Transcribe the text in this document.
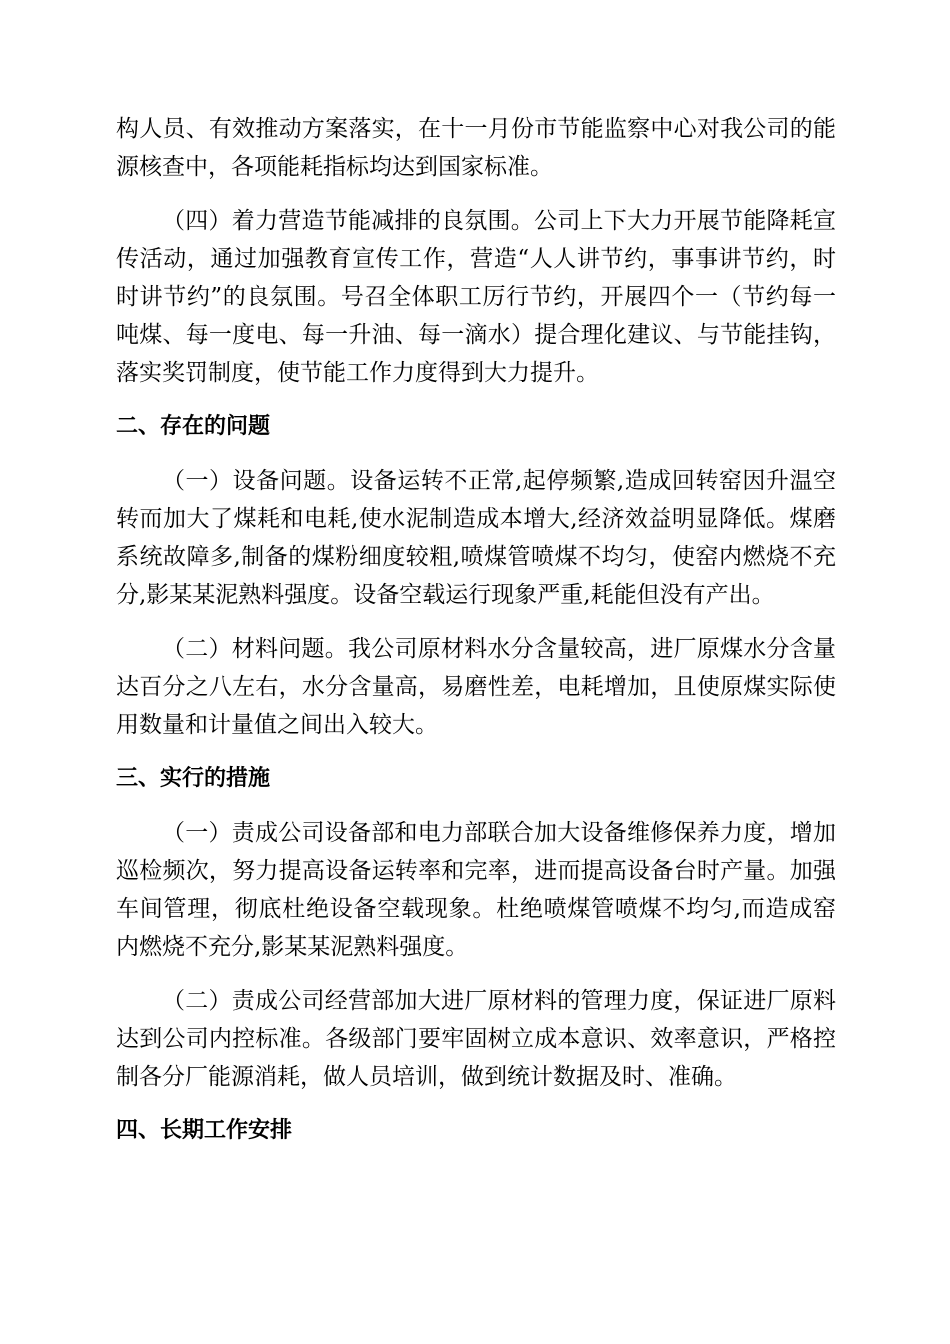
构人员、有效推动方案落实，在十一月份市节能监察中心对我公司的能源核查中，各项能耗指标均达到国家标准。

（四）着力营造节能减排的良氛围。公司上下大力开展节能降耗宣传活动，通过加强教育宣传工作，营造“人人讲节约，事事讲节约，时时讲节约”的良氛围。号召全体职工厉行节约，开展四个一（节约每一吨煤、每一度电、每一升油、每一滴水）提合理化建议、与节能挂钩，落实奖罚制度，使节能工作力度得到大力提升。

二、存在的问题

（一）设备问题。设备运转不正常,起停频繁,造成回转窑因升温空转而加大了煤耗和电耗,使水泥制造成本增大,经济效益明显降低。煤磨系统故障多,制备的煤粉细度较粗,喷煤管喷煤不均匀，使窑内燃烧不充分,影某某泥熟料强度。设备空载运行现象严重,耗能但没有产出。

（二）材料问题。我公司原材料水分含量较高，进厂原煤水分含量达百分之八左右，水分含量高，易磨性差，电耗增加，且使原煤实际使用数量和计量值之间出入较大。

三、实行的措施

（一）责成公司设备部和电力部联合加大设备维修保养力度，增加巡检频次，努力提高设备运转率和完率，进而提高设备台时产量。加强车间管理，彻底杜绝设备空载现象。杜绝喷煤管喷煤不均匀,而造成窑内燃烧不充分,影某某泥熟料强度。

（二）责成公司经营部加大进厂原材料的管理力度，保证进厂原料达到公司内控标准。各级部门要牢固树立成本意识、效率意识，严格控制各分厂能源消耗，做人员培训，做到统计数据及时、准确。

四、长期工作安排
